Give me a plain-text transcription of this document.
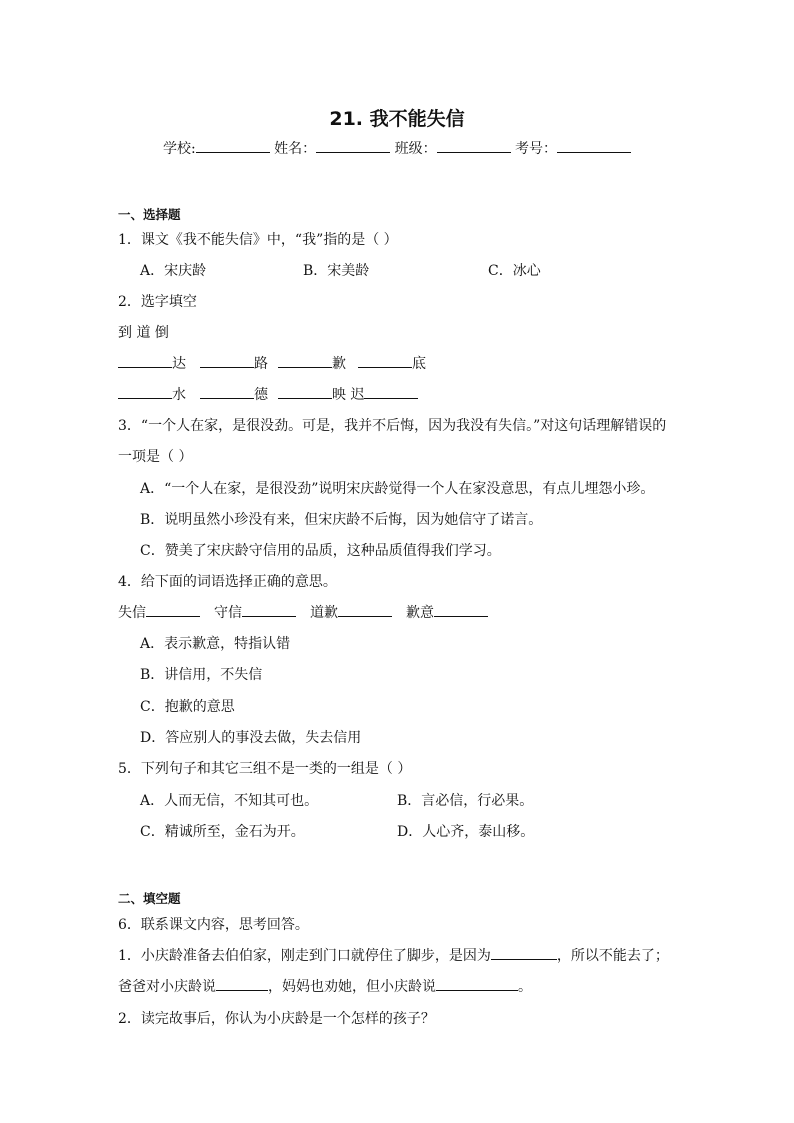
21. 我不能失信
学校:	姓名：	班级：	考号：
一、选择题
1．课文《我不能失信》中，“我”指的是（ ）
A．宋庆龄	B．宋美龄	C．冰心
2．选字填空
到 道 倒
达	路	歉	底
水	德	映 迟
3．“一个人在家，是很没劲。可是，我并不后悔，因为我没有失信。”对这句话理解错误的
一项是（ ）
A．“一个人在家，是很没劲”说明宋庆龄觉得一个人在家没意思，有点儿埋怨小珍。
B．说明虽然小珍没有来，但宋庆龄不后悔，因为她信守了诺言。
C．赞美了宋庆龄守信用的品质，这种品质值得我们学习。
4．给下面的词语选择正确的意思。
失信	守信	道歉	歉意
A．表示歉意，特指认错
B．讲信用，不失信
C．抱歉的意思
D．答应别人的事没去做，失去信用
5．下列句子和其它三组不是一类的一组是（ ）
A．人而无信，不知其可也。	B．言必信，行必果。
C．精诚所至，金石为开。	D．人心齐，泰山移。
二、填空题
6．联系课文内容，思考回答。
1．小庆龄准备去伯伯家，刚走到门口就停住了脚步，是因为	，所以不能去了；
爸爸对小庆龄说	，妈妈也劝她，但小庆龄说	。
2．读完故事后，你认为小庆龄是一个怎样的孩子？
